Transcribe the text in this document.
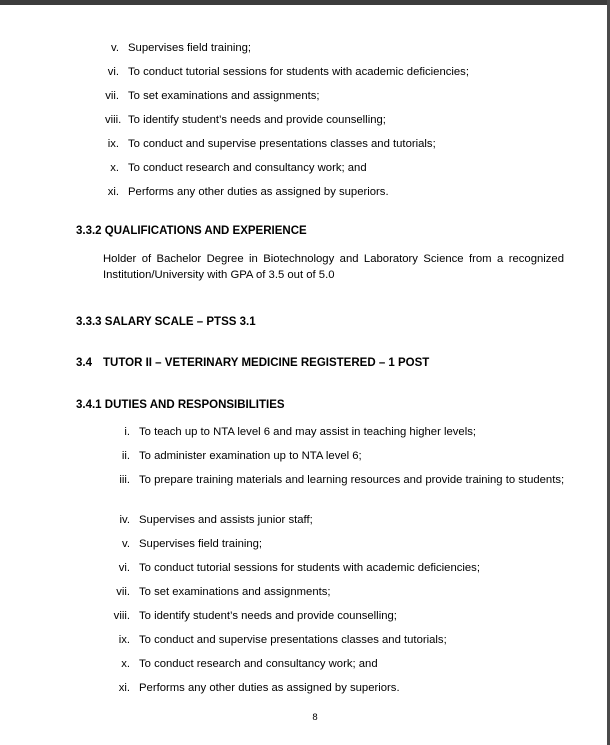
v. Supervises field training;
vi. To conduct tutorial sessions for students with academic deficiencies;
vii. To set examinations and assignments;
viii. To identify student’s needs and provide counselling;
ix. To conduct and supervise presentations classes and tutorials;
x. To conduct research and consultancy work; and
xi. Performs any other duties as assigned by superiors.
3.3.2 QUALIFICATIONS AND EXPERIENCE
Holder of Bachelor Degree in Biotechnology and Laboratory Science from a recognized Institution/University with GPA of 3.5 out of 5.0
3.3.3 SALARY SCALE – PTSS 3.1
3.4 TUTOR II – VETERINARY MEDICINE REGISTERED – 1 POST
3.4.1 DUTIES AND RESPONSIBILITIES
i. To teach up to NTA level 6 and may assist in teaching higher levels;
ii. To administer examination up to NTA level 6;
iii. To prepare training materials and learning resources and provide training to students;
iv. Supervises and assists junior staff;
v. Supervises field training;
vi. To conduct tutorial sessions for students with academic deficiencies;
vii. To set examinations and assignments;
viii. To identify student’s needs and provide counselling;
ix. To conduct and supervise presentations classes and tutorials;
x. To conduct research and consultancy work; and
xi. Performs any other duties as assigned by superiors.
8
